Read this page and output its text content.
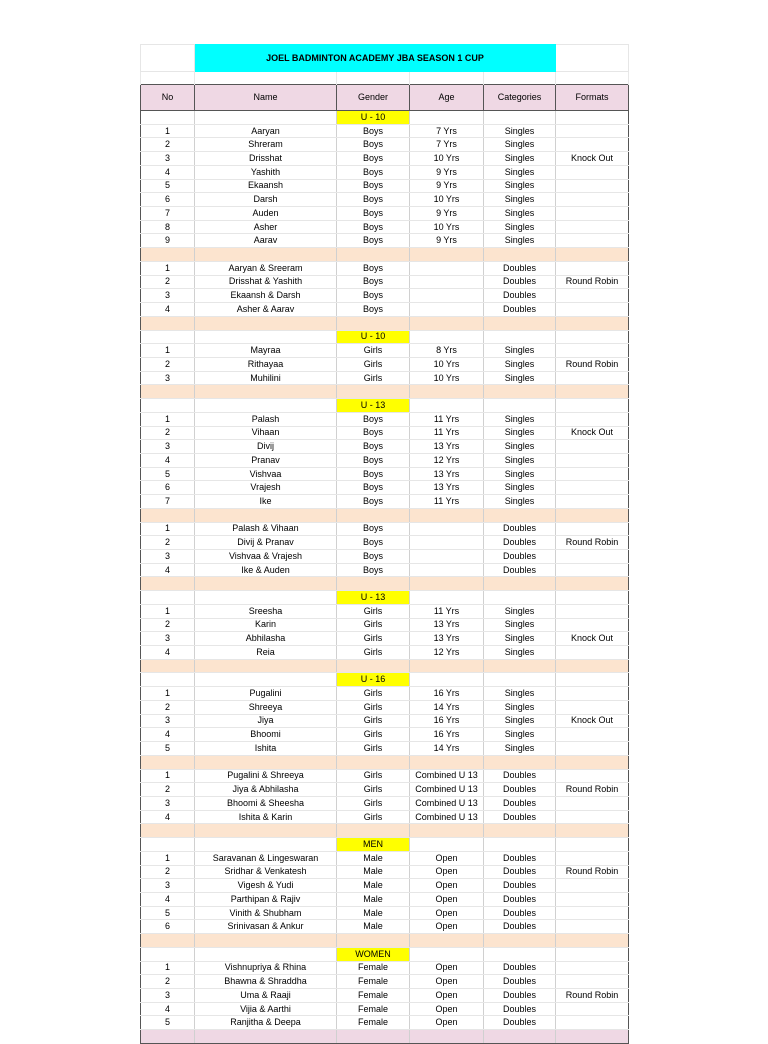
	JOEL BADMINTON ACADEMY JBA SEASON 1 CUP				

No	Name	Gender	Age	Categories	Formats
		U - 10			
1	Aaryan	Boys	7 Yrs	Singles	
2	Shreram	Boys	7 Yrs	Singles	
3	Drisshat	Boys	10 Yrs	Singles	Knock Out
4	Yashith	Boys	9 Yrs	Singles	
5	Ekaansh	Boys	9 Yrs	Singles	
6	Darsh	Boys	10 Yrs	Singles	
7	Auden	Boys	9 Yrs	Singles	
8	Asher	Boys	10 Yrs	Singles	
9	Aarav	Boys	9 Yrs	Singles	

1	Aaryan & Sreeram	Boys		Doubles	
2	Drisshat & Yashith	Boys		Doubles	Round Robin
3	Ekaansh & Darsh	Boys		Doubles	
4	Asher & Aarav	Boys		Doubles	

		U - 10			
1	Mayraa	Girls	8 Yrs	Singles	
2	Rithayaa	Girls	10 Yrs	Singles	Round Robin
3	Muhilini	Girls	10 Yrs	Singles	

		U - 13			
1	Palash	Boys	11 Yrs	Singles	
2	Vihaan	Boys	11 Yrs	Singles	Knock Out
3	Divij	Boys	13 Yrs	Singles	
4	Pranav	Boys	12 Yrs	Singles	
5	Vishvaa	Boys	13 Yrs	Singles	
6	Vrajesh	Boys	13 Yrs	Singles	
7	Ike	Boys	11 Yrs	Singles	

1	Palash & Vihaan	Boys		Doubles	
2	Divij & Pranav	Boys		Doubles	Round Robin
3	Vishvaa & Vrajesh	Boys		Doubles	
4	Ike & Auden	Boys		Doubles	

		U - 13			
1	Sreesha	Girls	11 Yrs	Singles	
2	Karin	Girls	13 Yrs	Singles	
3	Abhilasha	Girls	13 Yrs	Singles	Knock Out
4	Reia	Girls	12 Yrs	Singles	

		U - 16			
1	Pugalini	Girls	16 Yrs	Singles	
2	Shreeya	Girls	14 Yrs	Singles	
3	Jiya	Girls	16 Yrs	Singles	Knock Out
4	Bhoomi	Girls	16 Yrs	Singles	
5	Ishita	Girls	14 Yrs	Singles	

1	Pugalini & Shreeya	Girls	Combined U 13	Doubles	
2	Jiya & Abhilasha	Girls	Combined U 13	Doubles	Round Robin
3	Bhoomi & Sheesha	Girls	Combined U 13	Doubles	
4	Ishita & Karin	Girls	Combined U 13	Doubles	

		MEN			
1	Saravanan & Lingeswaran	Male	Open	Doubles	
2	Sridhar & Venkatesh	Male	Open	Doubles	Round Robin
3	Vigesh & Yudi	Male	Open	Doubles	
4	Parthipan & Rajiv	Male	Open	Doubles	
5	Vinith & Shubham	Male	Open	Doubles	
6	Srinivasan & Ankur	Male	Open	Doubles	

		WOMEN			
1	Vishnupriya & Rhina	Female	Open	Doubles	
2	Bhawna & Shraddha	Female	Open	Doubles	
3	Uma & Raaji	Female	Open	Doubles	Round Robin
4	Vijia & Aarthi	Female	Open	Doubles	
5	Ranjitha & Deepa	Female	Open	Doubles	
